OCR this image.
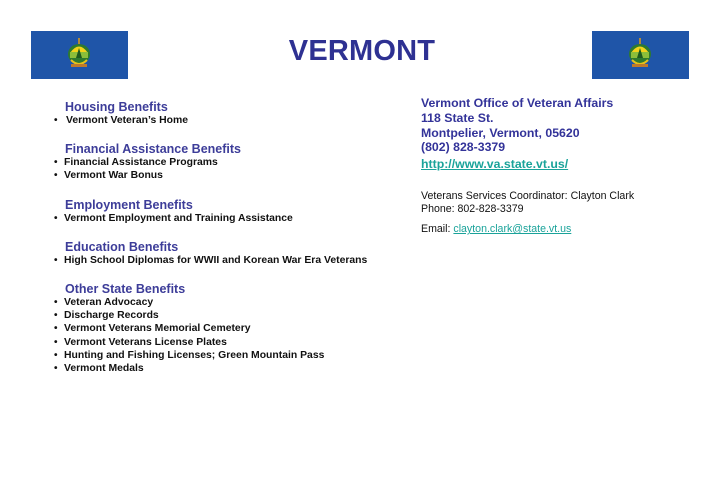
VERMONT
Housing Benefits
• Vermont Veteran’s Home
Financial Assistance Benefits
• Financial Assistance Programs
• Vermont War Bonus
Employment Benefits
• Vermont Employment and Training Assistance
Education Benefits
• High School Diplomas for WWII and Korean War Era Veterans
Other State Benefits
• Veteran Advocacy
• Discharge Records
• Vermont Veterans Memorial Cemetery
• Vermont Veterans License Plates
• Hunting and Fishing Licenses; Green Mountain Pass
• Vermont Medals
Vermont Office of Veteran Affairs
118 State St.
Montpelier, Vermont, 05620
(802) 828-3379
http://www.va.state.vt.us/
Veterans Services Coordinator: Clayton Clark
Phone: 802-828-3379
Email: clayton.clark@state.vt.us
